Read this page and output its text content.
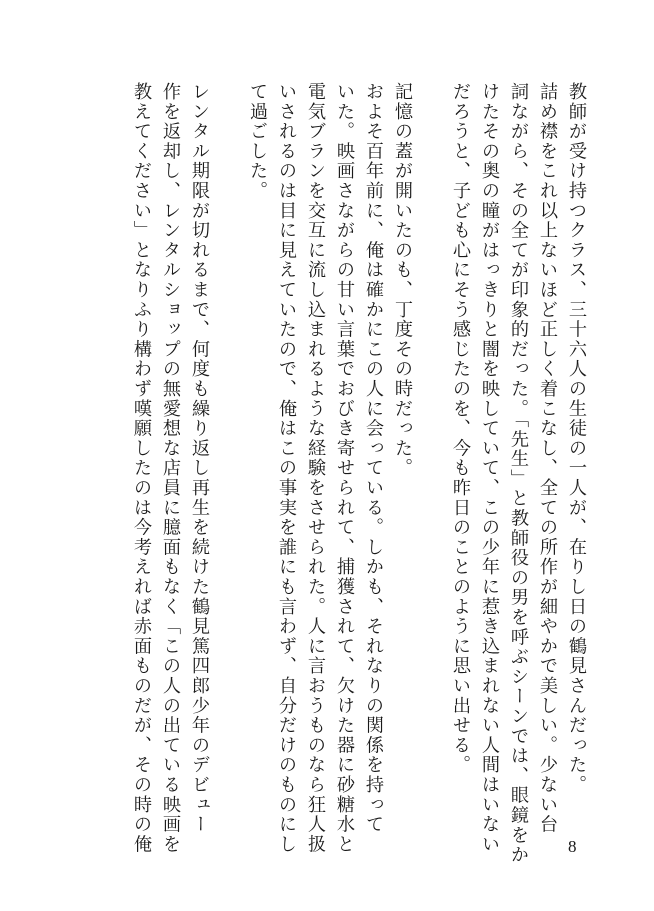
教師が受け持つクラス、三十六人の生徒の一人が、在りし日の鶴見さんだった。

詰め襟をこれ以上ないほど正しく着こなし、全ての所作が細やかで美しい。少ない台

詞ながら、その全てが印象的だった。「先生」と教師役の男を呼ぶシーンでは、眼鏡をか

けたその奥の瞳がはっきりと闇を映していて、この少年に惹き込まれない人間はいない

だろうと、子ども心にそう感じたのを、今も昨日のことのように思い出せる。

記憶の蓋が開いたのも、丁度その時だった。

およそ百年前に、俺は確かにこの人に会っている。しかも、それなりの関係を持って

いた。映画さながらの甘い言葉でおびき寄せられて、捕獲されて、欠けた器に砂糖水と

電気ブランを交互に流し込まれるような経験をさせられた。人に言おうものなら狂人扱

いされるのは目に見えていたので、俺はこの事実を誰にも言わず、自分だけのものにし

て過ごした。

レンタル期限が切れるまで、何度も繰り返し再生を続けた鶴見篤四郎少年のデビュー

作を返却し、レンタルショップの無愛想な店員に臆面もなく「この人の出ている映画を

教えてください」となりふり構わず嘆願したのは今考えれば赤面ものだが、その時の俺	8
